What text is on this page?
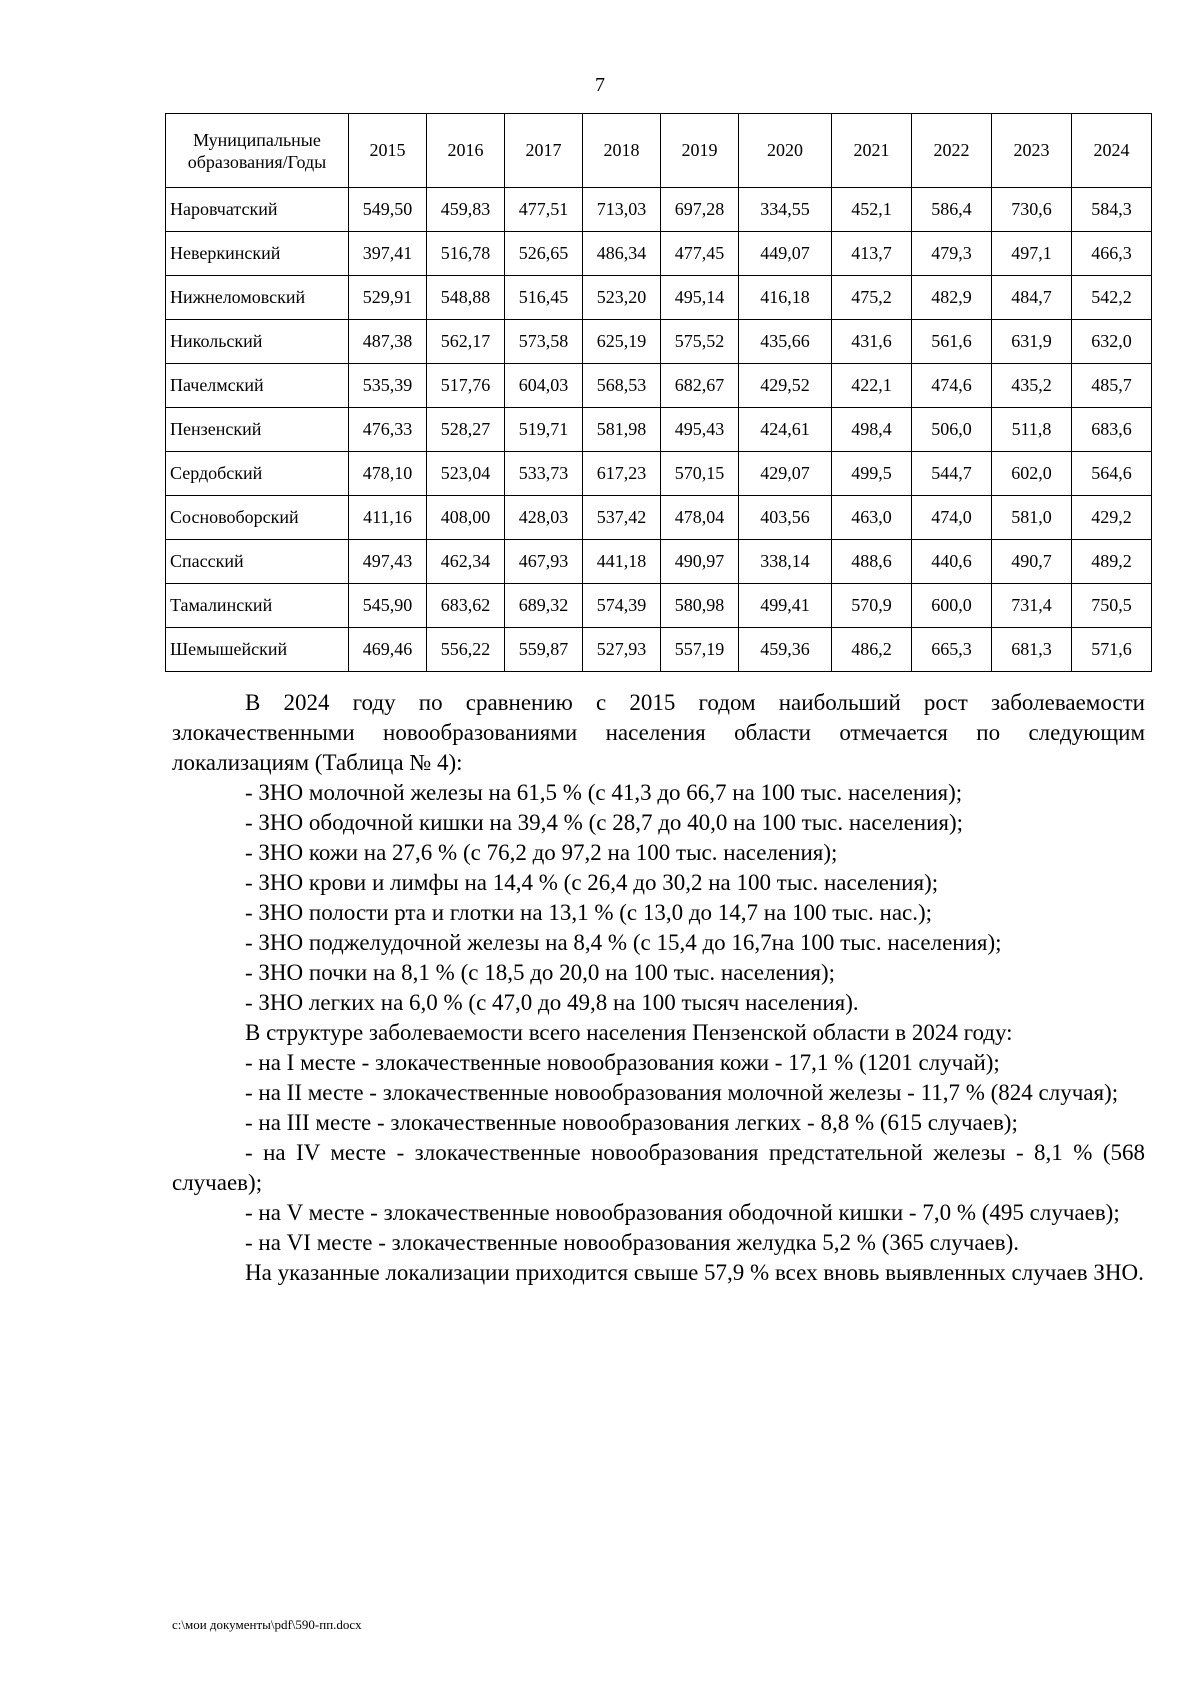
7
Муниципальные образования/Годы	2015	2016	2017	2018	2019	2020	2021	2022	2023	2024
Наровчатский	549,50	459,83	477,51	713,03	697,28	334,55	452,1	586,4	730,6	584,3
Неверкинский	397,41	516,78	526,65	486,34	477,45	449,07	413,7	479,3	497,1	466,3
Нижнеломовский	529,91	548,88	516,45	523,20	495,14	416,18	475,2	482,9	484,7	542,2
Никольский	487,38	562,17	573,58	625,19	575,52	435,66	431,6	561,6	631,9	632,0
Пачелмский	535,39	517,76	604,03	568,53	682,67	429,52	422,1	474,6	435,2	485,7
Пензенский	476,33	528,27	519,71	581,98	495,43	424,61	498,4	506,0	511,8	683,6
Сердобский	478,10	523,04	533,73	617,23	570,15	429,07	499,5	544,7	602,0	564,6
Сосновоборский	411,16	408,00	428,03	537,42	478,04	403,56	463,0	474,0	581,0	429,2
Спасский	497,43	462,34	467,93	441,18	490,97	338,14	488,6	440,6	490,7	489,2
Тамалинский	545,90	683,62	689,32	574,39	580,98	499,41	570,9	600,0	731,4	750,5
Шемышейский	469,46	556,22	559,87	527,93	557,19	459,36	486,2	665,3	681,3	571,6

В 2024 году по сравнению с 2015 годом наибольший рост заболеваемости злокачественными новообразованиями населения области отмечается по следующим локализациям (Таблица № 4):

- ЗНО молочной железы на 61,5 % (с 41,3 до 66,7 на 100 тыс. населения);

- ЗНО ободочной кишки на 39,4 % (с 28,7 до 40,0 на 100 тыс. населения);

- ЗНО кожи на 27,6 % (с 76,2 до 97,2 на 100 тыс. населения);

- ЗНО крови и лимфы на 14,4 % (с 26,4 до 30,2 на 100 тыс. населения);

- ЗНО полости рта и глотки на 13,1 % (с 13,0 до 14,7 на 100 тыс. нас.);

- ЗНО поджелудочной железы на 8,4 % (с 15,4 до 16,7на 100 тыс. населения);

- ЗНО почки на 8,1 % (с 18,5 до 20,0 на 100 тыс. населения);

- ЗНО легких на 6,0 % (с 47,0 до 49,8 на 100 тысяч населения).

В структуре заболеваемости всего населения Пензенской области в 2024 году:

- на I месте - злокачественные новообразования кожи - 17,1 % (1201 случай);

- на II месте - злокачественные новообразования молочной железы - 11,7 % (824 случая);

- на III месте - злокачественные новообразования легких - 8,8 % (615 случаев);

- на IV месте - злокачественные новообразования предстательной железы - 8,1 % (568 случаев);

- на V месте - злокачественные новообразования ободочной кишки - 7,0 % (495 случаев);

- на VI месте - злокачественные новообразования желудка 5,2 % (365 случаев).

На указанные локализации приходится свыше 57,9 % всех вновь выявленных случаев ЗНО.

c:\мои документы\pdf\590-пп.docx
